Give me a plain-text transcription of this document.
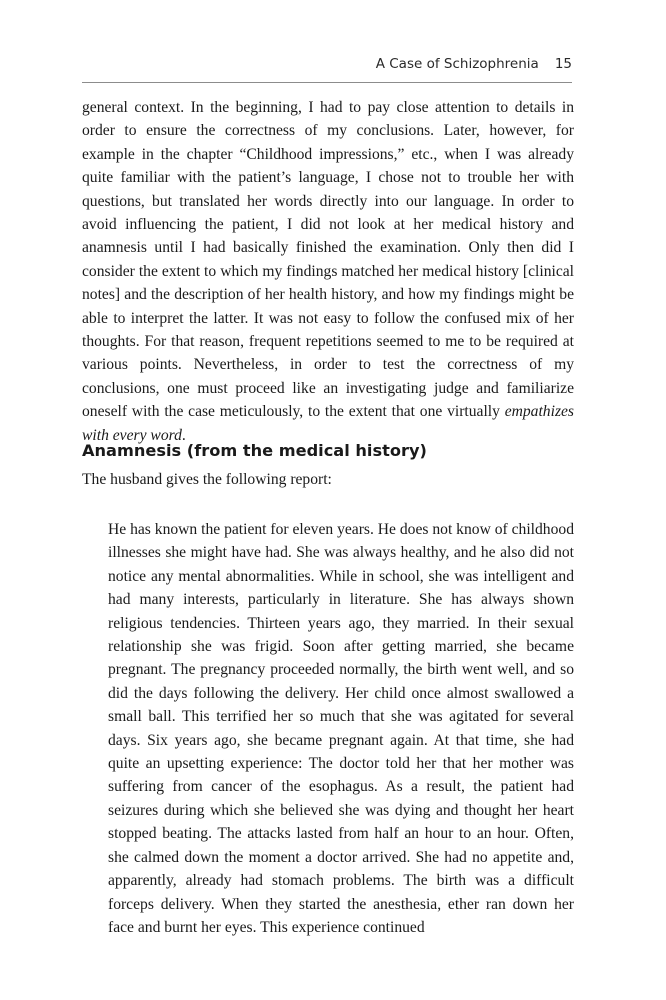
A Case of Schizophrenia 15

general context. In the beginning, I had to pay close attention to details in order to ensure the correctness of my conclusions. Later, however, for example in the chapter “Childhood impressions,” etc., when I was already quite familiar with the patient’s language, I chose not to trouble her with questions, but translated her words directly into our language. In order to avoid influencing the patient, I did not look at her medical history and anamnesis until I had basically finished the examination. Only then did I consider the extent to which my findings matched her medical history [clinical notes] and the description of her health history, and how my findings might be able to interpret the latter. It was not easy to follow the confused mix of her thoughts. For that reason, frequent repetitions seemed to me to be required at various points. Nevertheless, in order to test the correctness of my conclusions, one must proceed like an investigating judge and familiarize oneself with the case meticulously, to the extent that one virtually empathizes with every word.

Anamnesis (from the medical history)

The husband gives the following report:

He has known the patient for eleven years. He does not know of childhood illnesses she might have had. She was always healthy, and he also did not notice any mental abnormalities. While in school, she was intelligent and had many interests, particularly in literature. She has always shown religious tendencies. Thirteen years ago, they married. In their sexual relationship she was frigid. Soon after getting married, she became pregnant. The pregnancy proceeded normally, the birth went well, and so did the days following the delivery. Her child once almost swallowed a small ball. This terrified her so much that she was agitated for several days. Six years ago, she became pregnant again. At that time, she had quite an upsetting experience: The doctor told her that her mother was suffering from cancer of the esophagus. As a result, the patient had seizures during which she believed she was dying and thought her heart stopped beating. The attacks lasted from half an hour to an hour. Often, she calmed down the moment a doctor arrived. She had no appetite and, apparently, already had stomach problems. The birth was a difficult forceps delivery. When they started the anesthesia, ether ran down her face and burnt her eyes. This experience continued
